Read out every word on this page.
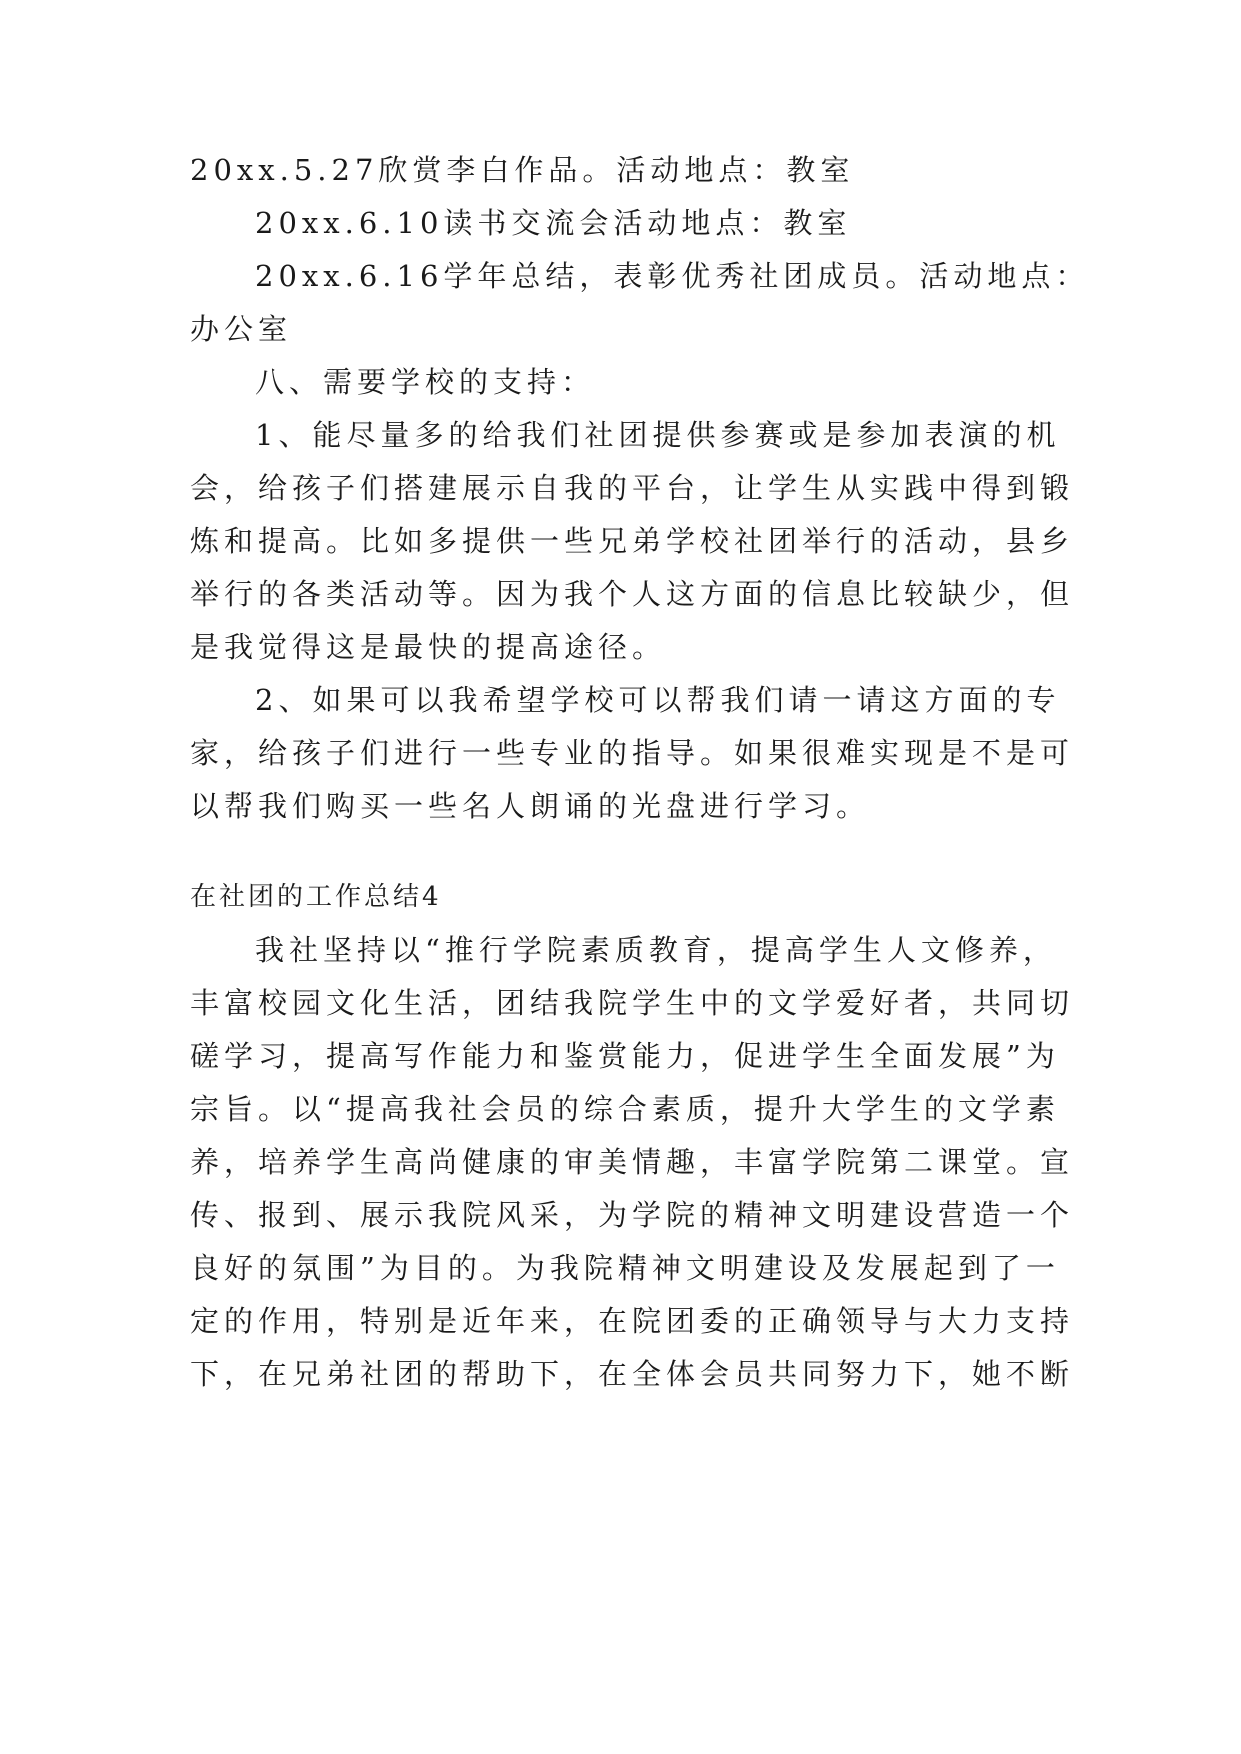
20xx.5.27欣赏李白作品。活动地点：教室

20xx.6.10读书交流会活动地点：教室

20xx.6.16学年总结，表彰优秀社团成员。活动地点：

办公室

八、需要学校的支持：

1、能尽量多的给我们社团提供参赛或是参加表演的机

会，给孩子们搭建展示自我的平台，让学生从实践中得到锻

炼和提高。比如多提供一些兄弟学校社团举行的活动，县乡

举行的各类活动等。因为我个人这方面的信息比较缺少，但

是我觉得这是最快的提高途径。

2、如果可以我希望学校可以帮我们请一请这方面的专

家，给孩子们进行一些专业的指导。如果很难实现是不是可

以帮我们购买一些名人朗诵的光盘进行学习。

在社团的工作总结4

我社坚持以“推行学院素质教育，提高学生人文修养，

丰富校园文化生活，团结我院学生中的文学爱好者，共同切

磋学习，提高写作能力和鉴赏能力，促进学生全面发展”为

宗旨。以“提高我社会员的综合素质，提升大学生的文学素

养，培养学生高尚健康的审美情趣，丰富学院第二课堂。宣

传、报到、展示我院风采，为学院的精神文明建设营造一个

良好的氛围”为目的。为我院精神文明建设及发展起到了一

定的作用，特别是近年来，在院团委的正确领导与大力支持

下，在兄弟社团的帮助下，在全体会员共同努力下，她不断
